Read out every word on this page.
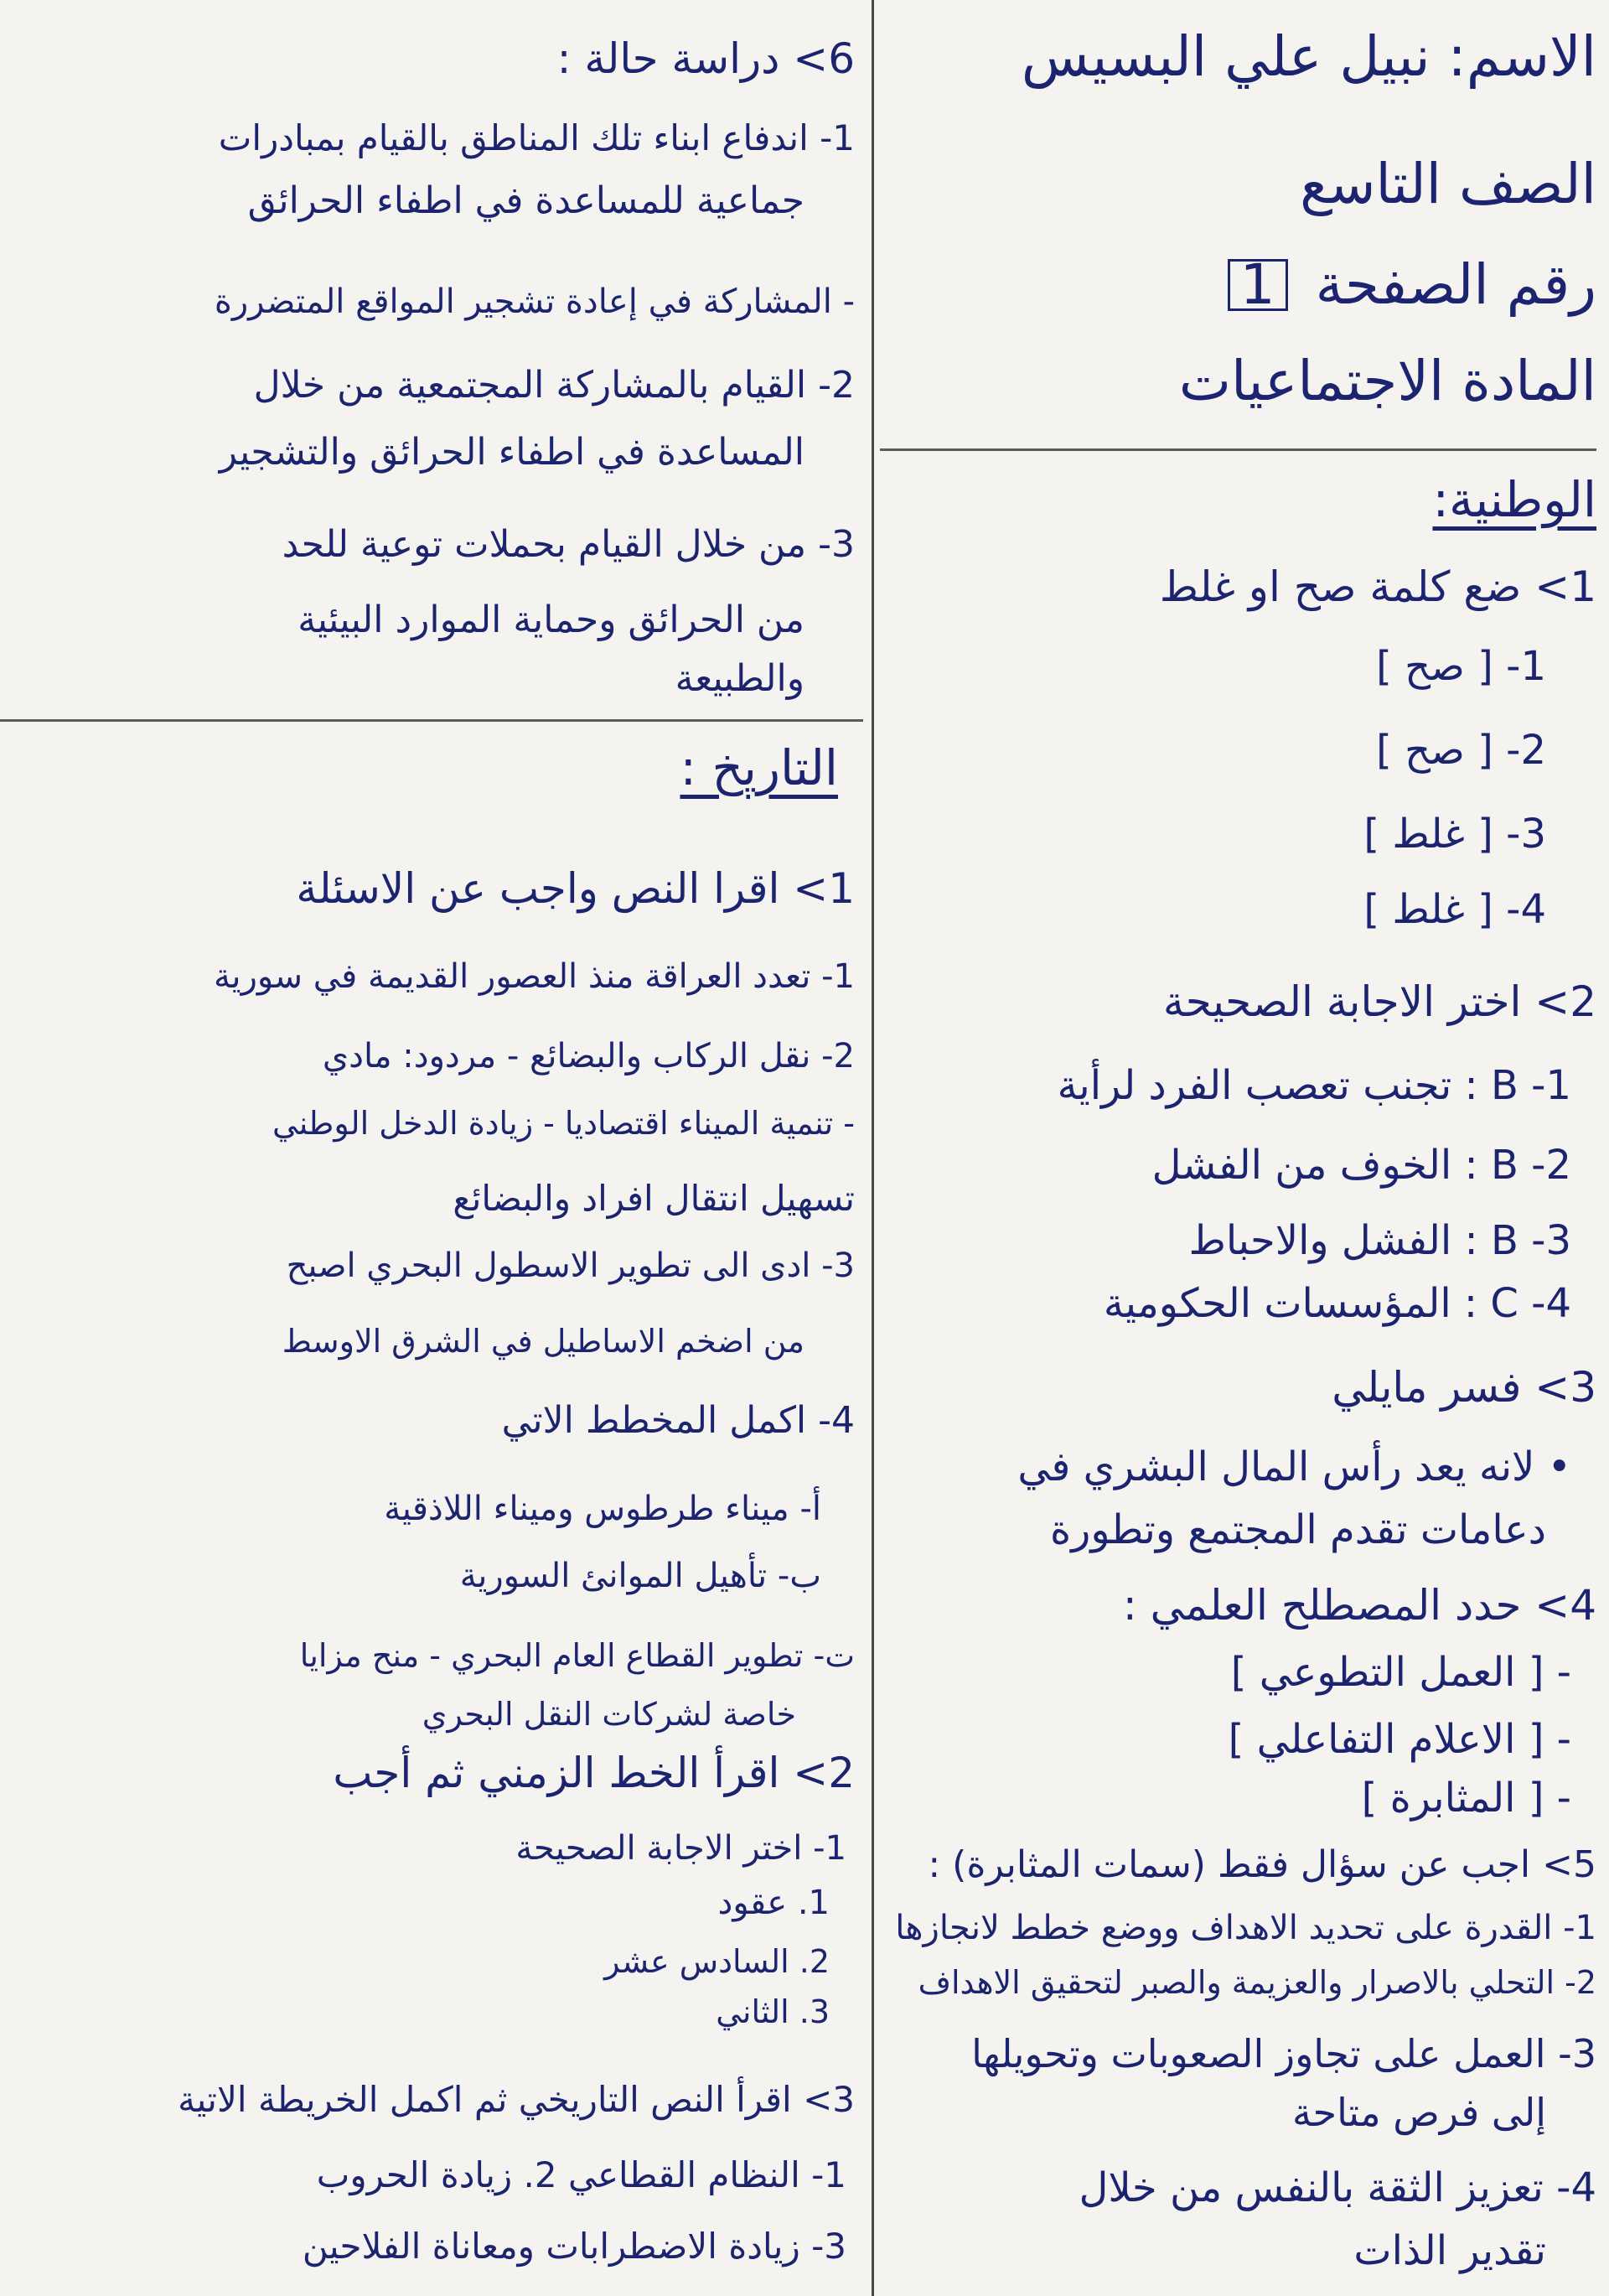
الاسم: نبيل علي البسيس
الصف التاسع
رقم الصفحة 1
المادة الاجتماعيات
الوطنية:
1> ضع كلمة صح او غلط
1- [ صح ]
2- [ صح ]
3- [ غلط ]
4- [ غلط ]
2> اختر الاجابة الصحيحة
1- B : تجنب تعصب الفرد لرأية
2- B : الخوف من الفشل
3- B : الفشل والاحباط
4- C : المؤسسات الحكومية
3> فسر مايلي
• لانه يعد رأس المال البشري في
دعامات تقدم المجتمع وتطورة
4> حدد المصطلح العلمي :
- [ العمل التطوعي ]
- [ الاعلام التفاعلي ]
- [ المثابرة ]
5> اجب عن سؤال فقط (سمات المثابرة) :
1- القدرة على تحديد الاهداف ووضع خطط لانجازها
2- التحلي بالاصرار والعزيمة والصبر لتحقيق الاهداف
3- العمل على تجاوز الصعوبات وتحويلها
إلى فرص متاحة
4- تعزيز الثقة بالنفس من خلال
تقدير الذات
6> دراسة حالة :
1- اندفاع ابناء تلك المناطق بالقيام بمبادرات
جماعية للمساعدة في اطفاء الحرائق
- المشاركة في إعادة تشجير المواقع المتضررة
2- القيام بالمشاركة المجتمعية من خلال
المساعدة في اطفاء الحرائق والتشجير
3- من خلال القيام بحملات توعية للحد
من الحرائق وحماية الموارد البيئية
والطبيعة
التاريخ :
1> اقرا النص واجب عن الاسئلة
1- تعدد العراقة منذ العصور القديمة في سورية
2- نقل الركاب والبضائع - مردود: مادي
- تنمية الميناء اقتصاديا - زيادة الدخل الوطني
تسهيل انتقال افراد والبضائع
3- ادى الى تطوير الاسطول البحري اصبح
من اضخم الاساطيل في الشرق الاوسط
4- اكمل المخطط الاتي
أ- ميناء طرطوس وميناء اللاذقية
ب- تأهيل الموانئ السورية
ت- تطوير القطاع العام البحري - منح مزايا
خاصة لشركات النقل البحري
2> اقرأ الخط الزمني ثم أجب
1- اختر الاجابة الصحيحة
1. عقود
2. السادس عشر
3. الثاني
3> اقرأ النص التاريخي ثم اكمل الخريطة الاتية
1- النظام القطاعي 2. زيادة الحروب
3- زيادة الاضطرابات ومعاناة الفلاحين
